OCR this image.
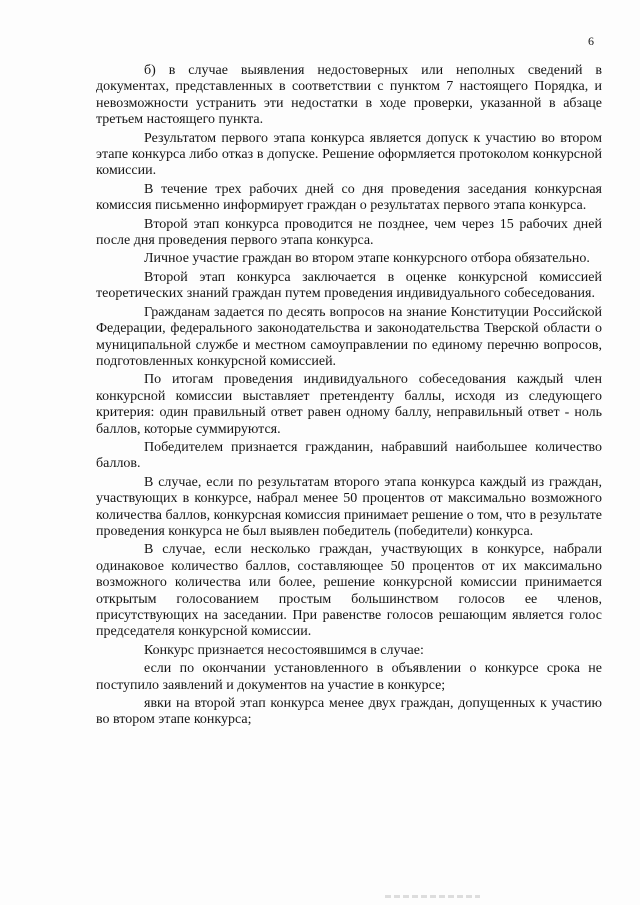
6

б) в случае выявления недостоверных или неполных сведений в документах, представленных в соответствии с пунктом 7 настоящего Порядка, и невозможности устранить эти недостатки в ходе проверки, указанной в абзаце третьем настоящего пункта.

Результатом первого этапа конкурса является допуск к участию во втором этапе конкурса либо отказ в допуске. Решение оформляется протоколом конкурсной комиссии.

В течение трех рабочих дней со дня проведения заседания конкурсная комиссия письменно информирует граждан о результатах первого этапа конкурса.

Второй этап конкурса проводится не позднее, чем через 15 рабочих дней после дня проведения первого этапа конкурса.

Личное участие граждан во втором этапе конкурсного отбора обязательно.

Второй этап конкурса заключается в оценке конкурсной комиссией теоретических знаний граждан путем проведения индивидуального собеседования.

Гражданам задается по десять вопросов на знание Конституции Российской Федерации, федерального законодательства и законодательства Тверской области о муниципальной службе и местном самоуправлении по единому перечню вопросов, подготовленных конкурсной комиссией.

По итогам проведения индивидуального собеседования каждый член конкурсной комиссии выставляет претенденту баллы, исходя из следующего критерия: один правильный ответ равен одному баллу, неправильный ответ - ноль баллов, которые суммируются.

Победителем признается гражданин, набравший наибольшее количество баллов.

В случае, если по результатам второго этапа конкурса каждый из граждан, участвующих в конкурсе, набрал менее 50 процентов от максимально возможного количества баллов, конкурсная комиссия принимает решение о том, что в результате проведения конкурса не был выявлен победитель (победители) конкурса.

В случае, если несколько граждан, участвующих в конкурсе, набрали одинаковое количество баллов, составляющее 50 процентов от их максимально возможного количества или более, решение конкурсной комиссии принимается открытым голосованием простым большинством голосов ее членов, присутствующих на заседании. При равенстве голосов решающим является голос председателя конкурсной комиссии.

Конкурс признается несостоявшимся в случае:

если по окончании установленного в объявлении о конкурсе срока не поступило заявлений и документов на участие в конкурсе;

явки на второй этап конкурса менее двух граждан, допущенных к участию во втором этапе конкурса;
